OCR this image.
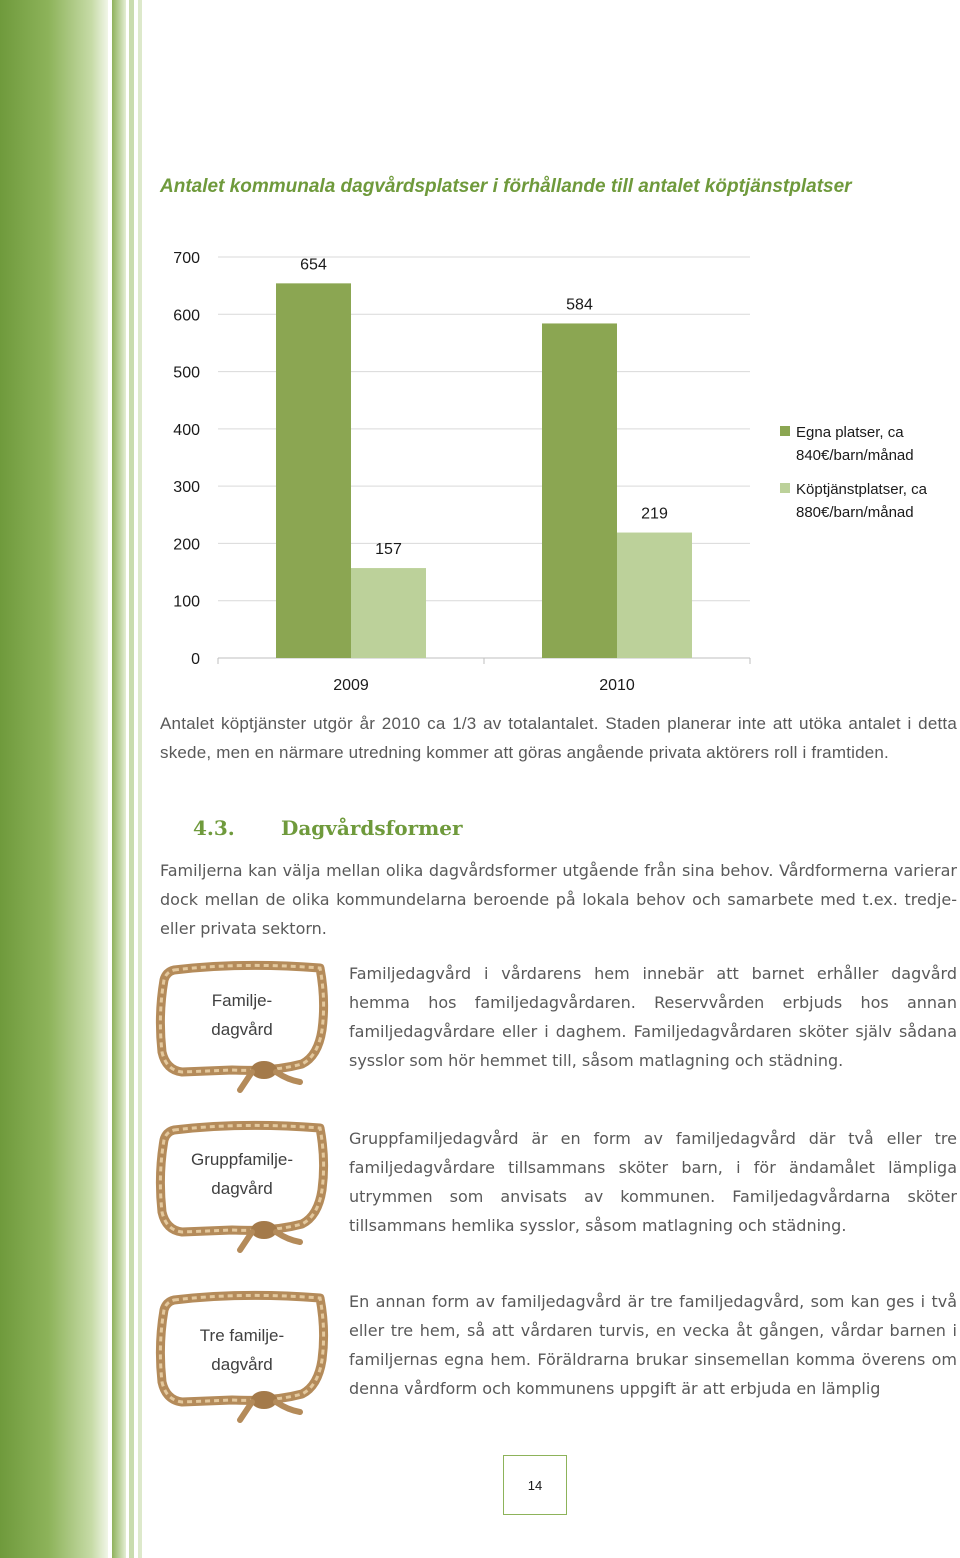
Antalet kommunala dagvårdsplatser i förhållande till antalet köptjänstplatser
0
100
200
300
400
500
600
700	654
157
2009
584
219
2010
Egna platser, ca
840€/barn/månad
Köptjänstplatser, ca
880€/barn/månad

Antalet köptjänster utgör år 2010 ca 1/3 av totalantalet. Staden planerar inte att utöka antalet i detta skede, men en närmare utredning kommer att göras angående privata aktörers roll i framtiden.

4.3. Dagvårdsformer

Familjerna kan välja mellan olika dagvårdsformer utgående från sina behov. Vårdformerna varierar dock mellan de olika kommundelarna beroende på lokala behov och samarbete med t.ex. tredje- eller privata sektorn.

Familje-
dagvård

Familjedagvård i vårdarens hem innebär att barnet erhåller dagvård hemma hos familjedagvårdaren. Reservvården erbjuds hos annan familjedagvårdare eller i daghem. Familjedagvårdaren sköter själv sådana sysslor som hör hemmet till, såsom matlagning och städning.

Gruppfamilje-
dagvård

Gruppfamiljedagvård är en form av familjedagvård där två eller tre familjedagvårdare tillsammans sköter barn, i för ändamålet lämpliga utrymmen som anvisats av kommunen. Familjedagvårdarna sköter tillsammans hemlika sysslor, såsom matlagning och städning.

Tre familje-
dagvård

En annan form av familjedagvård är tre familjedagvård, som kan ges i två eller tre hem, så att vårdaren turvis, en vecka åt gången, vårdar barnen i familjernas egna hem. Föräldrarna brukar sinsemellan komma överens om denna vårdform och kommunens uppgift är att erbjuda en lämplig

14
